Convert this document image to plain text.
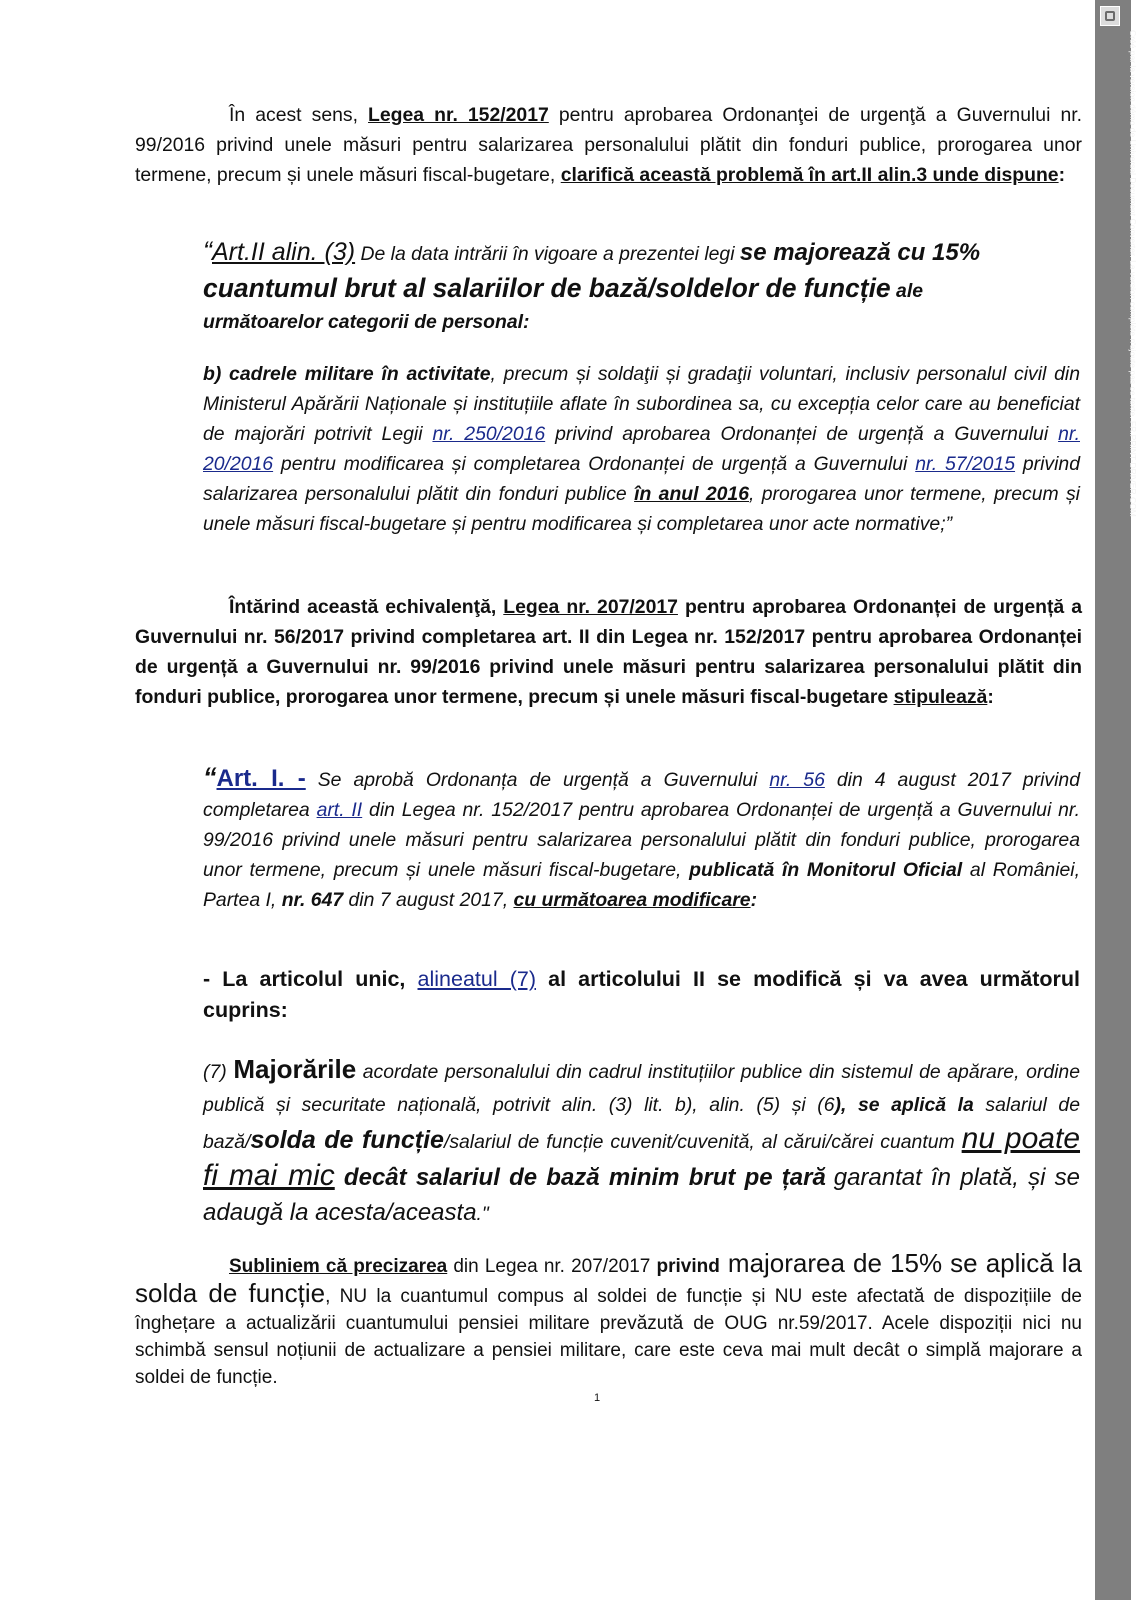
În acest sens, Legea nr. 152/2017 pentru aprobarea Ordonanţei de urgenţă a Guvernului nr. 99/2016 privind unele măsuri pentru salarizarea personalului plătit din fonduri publice, prorogarea unor termene, precum și unele măsuri fiscal-bugetare, clarifică această problemă în art.II alin.3 unde dispune:
“Art.II alin. (3) De la data intrării în vigoare a prezentei legi se majorează cu 15%
cuantumul brut al salariilor de bază/soldelor de funcție ale
următoarelor categorii de personal:
b) cadrele militare în activitate, precum și soldaţii și gradaţii voluntari, inclusiv personalul civil din Ministerul Apărării Naționale și instituțiile aflate în subordinea sa, cu excepția celor care au beneficiat de majorări potrivit Legii nr. 250/2016 privind aprobarea Ordonanței de urgență a Guvernului nr. 20/2016 pentru modificarea și completarea Ordonanței de urgență a Guvernului nr. 57/2015 privind salarizarea personalului plătit din fonduri publice în anul 2016, prorogarea unor termene, precum și unele măsuri fiscal-bugetare și pentru modificarea și completarea unor acte normative;”
Întărind această echivalenţă, Legea nr. 207/2017 pentru aprobarea Ordonanței de urgență a Guvernului nr. 56/2017 privind completarea art. II din Legea nr. 152/2017 pentru aprobarea Ordonanței de urgență a Guvernului nr. 99/2016 privind unele măsuri pentru salarizarea personalului plătit din fonduri publice, prorogarea unor termene, precum și unele măsuri fiscal-bugetare stipulează:
“Art. I. - Se aprobă Ordonanța de urgență a Guvernului nr. 56 din 4 august 2017 privind completarea art. II din Legea nr. 152/2017 pentru aprobarea Ordonanței de urgență a Guvernului nr. 99/2016 privind unele măsuri pentru salarizarea personalului plătit din fonduri publice, prorogarea unor termene, precum și unele măsuri fiscal-bugetare, publicată în Monitorul Oficial al României, Partea I, nr. 647 din 7 august 2017, cu următoarea modificare:
- La articolul unic, alineatul (7) al articolului II se modifică și va avea următorul cuprins:
(7) Majorările acordate personalului din cadrul instituțiilor publice din sistemul de apărare, ordine publică și securitate națională, potrivit alin. (3) lit. b), alin. (5) și (6), se aplică la salariul de bază/solda de funcție/salariul de funcție cuvenit/cuvenită, al cărui/cărei cuantum nu poate fi mai mic decât salariul de bază minim brut pe țară garantat în plată, și se adaugă la acesta/aceasta."
Subliniem că precizarea din Legea nr. 207/2017 privind majorarea de 15% se aplică la solda de funcție, NU la cuantumul compus al soldei de funcție și NU este afectată de dispozițiile de înghețare a actualizării cuantumului pensiei militare prevăzută de OUG nr.59/2017. Acele dispoziții nici nu schimbă sensul noțiunii de actualizare a pensiei militare, care este ceva mai mult decât o simplă majorare a soldei de funcție.
1
Créé par la version démo de Universal Document Converter. La version complète n'ajoute pas ce texte. FR.PRINT-DRIVER.COM
